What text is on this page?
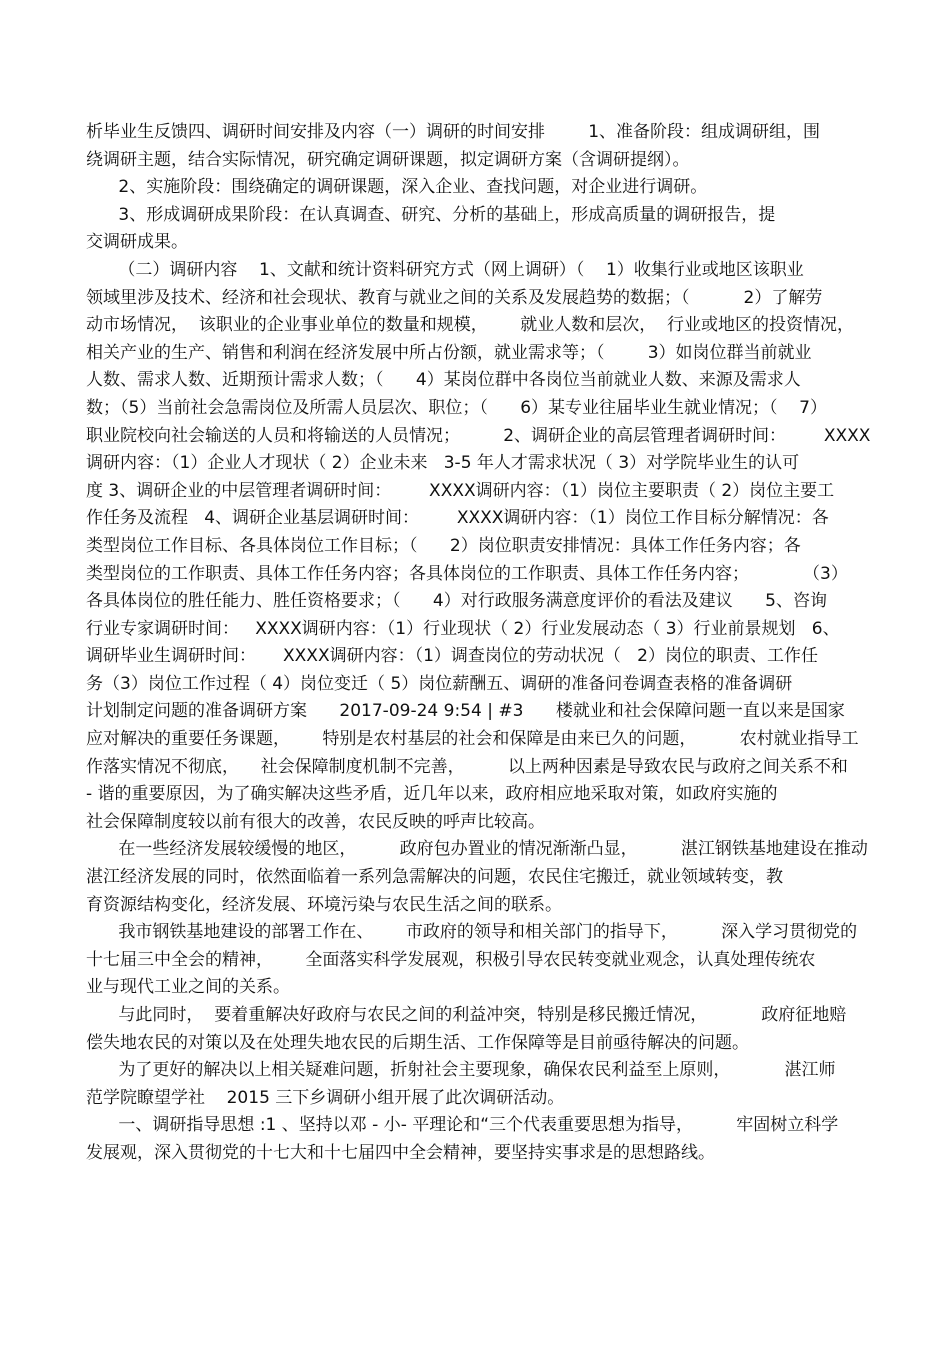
析毕业生反馈四、调研时间安排及内容（一）调研的时间安排        1、准备阶段：组成调研组，围
绕调研主题，结合实际情况，研究确定调研课题，拟定调研方案（含调研提纲）。
2、实施阶段：围绕确定的调研课题，深入企业、查找问题，对企业进行调研。
3、形成调研成果阶段：在认真调查、研究、分析的基础上，形成高质量的调研报告，提
交调研成果。
（二）调研内容    1、文献和统计资料研究方式（网上调研）（    1）收集行业或地区该职业
领域里涉及技术、经济和社会现状、教育与就业之间的关系及发展趋势的数据；（          2）了解劳
动市场情况，  该职业的企业事业单位的数量和规模，      就业人数和层次，  行业或地区的投资情况，
相关产业的生产、销售和利润在经济发展中所占份额，就业需求等；（        3）如岗位群当前就业
人数、需求人数、近期预计需求人数；（      4）某岗位群中各岗位当前就业人数、来源及需求人
数；（5）当前社会急需岗位及所需人员层次、职位；（      6）某专业往届毕业生就业情况；（    7）
职业院校向社会输送的人员和将输送的人员情况；        2、调研企业的高层管理者调研时间：       XXXX
调研内容：（1）企业人才现状（ 2）企业未来   3-5 年人才需求状况（ 3）对学院毕业生的认可
度 3、调研企业的中层管理者调研时间：       XXXX调研内容：（1）岗位主要职责（ 2）岗位主要工
作任务及流程   4、调研企业基层调研时间：       XXXX调研内容：（1）岗位工作目标分解情况：各
类型岗位工作目标、各具体岗位工作目标；（      2）岗位职责安排情况：具体工作任务内容；各
类型岗位的工作职责、具体工作任务内容；各具体岗位的工作职责、具体工作任务内容；          （3）
各具体岗位的胜任能力、胜任资格要求；（      4）对行政服务满意度评价的看法及建议      5、咨询
行业专家调研时间：   XXXX调研内容：（1）行业现状（ 2）行业发展动态（ 3）行业前景规划   6、
调研毕业生调研时间：     XXXX调研内容：（1）调查岗位的劳动状况（   2）岗位的职责、工作任
务（3）岗位工作过程（ 4）岗位变迁（ 5）岗位薪酬五、调研的准备问卷调查表格的准备调研
计划制定问题的准备调研方案      2017-09-24 9:54 | #3      楼就业和社会保障问题一直以来是国家
应对解决的重要任务课题，      特别是农村基层的社会和保障是由来已久的问题，        农村就业指导工
作落实情况不彻底，    社会保障制度机制不完善，        以上两种因素是导致农民与政府之间关系不和
- 谐的重要原因，为了确实解决这些矛盾，近几年以来，政府相应地采取对策，如政府实施的
社会保障制度较以前有很大的改善，农民反映的呼声比较高。
在一些经济发展较缓慢的地区，        政府包办置业的情况渐渐凸显，        湛江钢铁基地建设在推动
湛江经济发展的同时，依然面临着一系列急需解决的问题，农民住宅搬迁，就业领域转变，教
育资源结构变化，经济发展、环境污染与农民生活之间的联系。
我市钢铁基地建设的部署工作在、      市政府的领导和相关部门的指导下，        深入学习贯彻党的
十七届三中全会的精神，      全面落实科学发展观，积极引导农民转变就业观念，认真处理传统农
业与现代工业之间的关系。
与此同时，  要着重解决好政府与农民之间的利益冲突，特别是移民搬迁情况，          政府征地赔
偿失地农民的对策以及在处理失地农民的后期生活、工作保障等是目前亟待解决的问题。
为了更好的解决以上相关疑难问题，折射社会主要现象，确保农民利益至上原则，          湛江师
范学院瞭望学社    2015 三下乡调研小组开展了此次调研活动。
一、调研指导思想 :1 、坚持以邓 - 小- 平理论和“三个代表重要思想为指导，        牢固树立科学
发展观，深入贯彻党的十七大和十七届四中全会精神，要坚持实事求是的思想路线。
